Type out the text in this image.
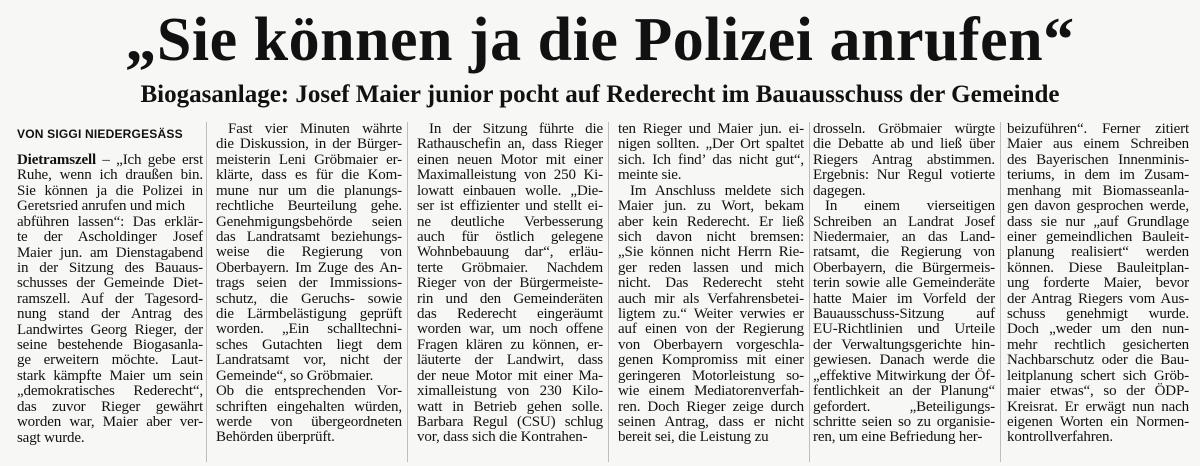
„Sie können ja die Polizei anrufen“
Biogasanlage: Josef Maier junior pocht auf Rederecht im Bauausschuss der Gemeinde
VON SIGGI NIEDERGESÄSS
Dietramszell – „Ich gebe erst
Ruhe, wenn ich draußen bin.
Sie können ja die Polizei in
Geretsried anrufen und mich
abführen lassen“: Das erklär-
te der Ascholdinger Josef
Maier jun. am Dienstagabend
in der Sitzung des Bauaus-
schusses der Gemeinde Diet-
ramszell. Auf der Tagesord-
nung stand der Antrag des
Landwirtes Georg Rieger, der
seine bestehende Biogasanla-
ge erweitern möchte. Laut-
stark kämpfte Maier um sein
„demokratisches Rederecht“,
das zuvor Rieger gewährt
worden war, Maier aber ver-
sagt wurde.
Fast vier Minuten währte
die Diskussion, in der Bürger-
meisterin Leni Gröbmaier er-
klärte, dass es für die Kom-
mune nur um die planungs-
rechtliche Beurteilung gehe.
Genehmigungsbehörde seien
das Landratsamt beziehungs-
weise die Regierung von
Oberbayern. Im Zuge des An-
trags seien der Immissions-
schutz, die Geruchs- sowie
die Lärmbelästigung geprüft
worden. „Ein schalltechni-
sches Gutachten liegt dem
Landratsamt vor, nicht der
Gemeinde“, so Gröbmaier.
Ob die entsprechenden Vor-
schriften eingehalten würden,
werde von übergeordneten
Behörden überprüft.
In der Sitzung führte die
Rathauschefin an, dass Rieger
einen neuen Motor mit einer
Maximalleistung von 250 Ki-
lowatt einbauen wolle. „Die-
ser ist effizienter und stellt ei-
ne deutliche Verbesserung
auch für östlich gelegene
Wohnbebauung dar“, erläu-
terte Gröbmaier. Nachdem
Rieger von der Bürgermeiste-
rin und den Gemeinderäten
das Rederecht eingeräumt
worden war, um noch offene
Fragen klären zu können, er-
läuterte der Landwirt, dass
der neue Motor mit einer Ma-
ximalleistung von 230 Kilo-
watt in Betrieb gehen solle.
Barbara Regul (CSU) schlug
vor, dass sich die Kontrahen-
ten Rieger und Maier jun. ei-
nigen sollten. „Der Ort spaltet
sich. Ich find’ das nicht gut“,
meinte sie.
Im Anschluss meldete sich
Maier jun. zu Wort, bekam
aber kein Rederecht. Er ließ
sich davon nicht bremsen:
„Sie können nicht Herrn Rie-
ger reden lassen und mich
nicht. Das Rederecht steht
auch mir als Verfahrensbetei-
ligtem zu.“ Weiter verwies er
auf einen von der Regierung
von Oberbayern vorgeschla-
genen Kompromiss mit einer
geringeren Motorleistung so-
wie einem Mediatorenverfah-
ren. Doch Rieger zeige durch
seinen Antrag, dass er nicht
bereit sei, die Leistung zu
drosseln. Gröbmaier würgte
die Debatte ab und ließ über
Riegers Antrag abstimmen.
Ergebnis: Nur Regul votierte
dagegen.
In einem vierseitigen
Schreiben an Landrat Josef
Niedermaier, an das Land-
ratsamt, die Regierung von
Oberbayern, die Bürgermeis-
terin sowie alle Gemeinderäte
hatte Maier im Vorfeld der
Bauausschuss-Sitzung auf
EU-Richtlinien und Urteile
der Verwaltungsgerichte hin-
gewiesen. Danach werde die
„effektive Mitwirkung der Öf-
fentlichkeit an der Planung“
gefordert. „Beteiligungs-
schritte seien so zu organisie-
ren, um eine Befriedung her-
beizuführen“. Ferner zitiert
Maier aus einem Schreiben
des Bayerischen Innenminis-
teriums, in dem im Zusam-
menhang mit Biomasseanla-
gen davon gesprochen werde,
dass sie nur „auf Grundlage
einer gemeindlichen Bauleit-
planung realisiert“ werden
können. Diese Bauleitplan-
ung forderte Maier, bevor
der Antrag Riegers vom Aus-
schuss genehmigt wurde.
Doch „weder um den nun-
mehr rechtlich gesicherten
Nachbarschutz oder die Bau-
leitplanung schert sich Gröb-
maier etwas“, so der ÖDP-
Kreisrat. Er erwägt nun nach
eigenen Worten ein Normen-
kontrollverfahren.
